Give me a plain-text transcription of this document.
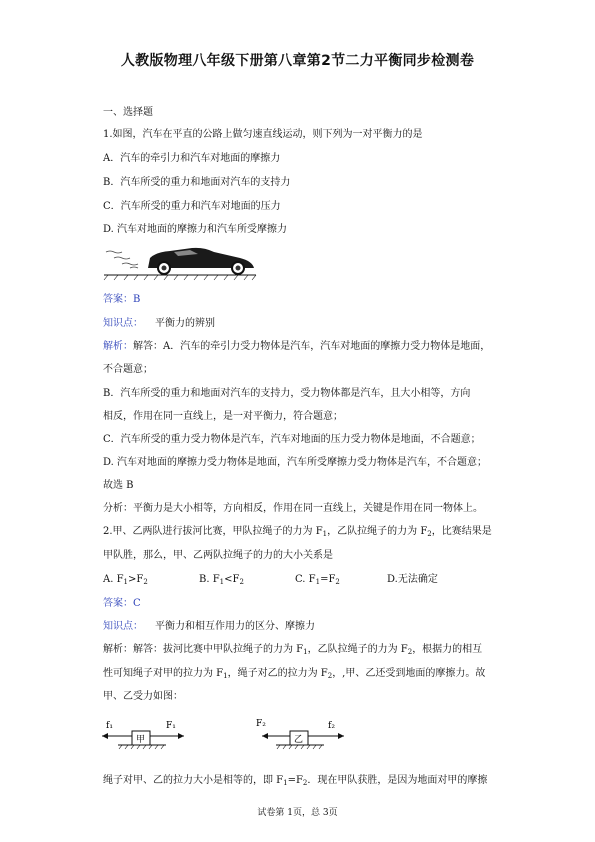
人教版物理八年级下册第八章第2节二力平衡同步检测卷
一、选择题
1.如图，汽车在平直的公路上做匀速直线运动，则下列为一对平衡力的是
A．汽车的牵引力和汽车对地面的摩擦力
B．汽车所受的重力和地面对汽车的支持力
C．汽车所受的重力和汽车对地面的压力
D. 汽车对地面的摩擦力和汽车所受摩擦力
答案：B
知识点： 平衡力的辨别
解析：解答：A．汽车的牵引力受力物体是汽车，汽车对地面的摩擦力受力物体是地面，
不合题意；
B．汽车所受的重力和地面对汽车的支持力，受力物体都是汽车，且大小相等，方向
相反，作用在同一直线上，是一对平衡力，符合题意；
C．汽车所受的重力受力物体是汽车，汽车对地面的压力受力物体是地面，不合题意；
D. 汽车对地面的摩擦力受力物体是地面，汽车所受摩擦力受力物体是汽车，不合题意；
故选 B
分析：平衡力是大小相等，方向相反，作用在同一直线上，关键是作用在同一物体上。
2.甲、乙两队进行拔河比赛，甲队拉绳子的力为 $F_1$，乙队拉绳子的力为 $F_2$，比赛结果是
甲队胜，那么，甲、乙两队拉绳子的力的大小关系是
A. F1>F2	B. F1<F2	C. F1=F2	D.无法确定
答案：C
知识点： 平衡力和相互作用力的区分、摩擦力
解析：解答：拔河比赛中甲队拉绳子的力为 $F_1$，乙队拉绳子的力为 $F_2$，根据力的相互
性可知绳子对甲的拉力为 $F_1$，绳子对乙的拉力为 $F_2$，,甲、乙还受到地面的摩擦力。故
甲、乙受力如图：
f₁	F₁
甲
F₂	f₂
乙
绳子对甲、乙的拉力大小是相等的，即 $F_1=F_2$．现在甲队获胜，是因为地面对甲的摩擦
试卷第 1页，总 3页
